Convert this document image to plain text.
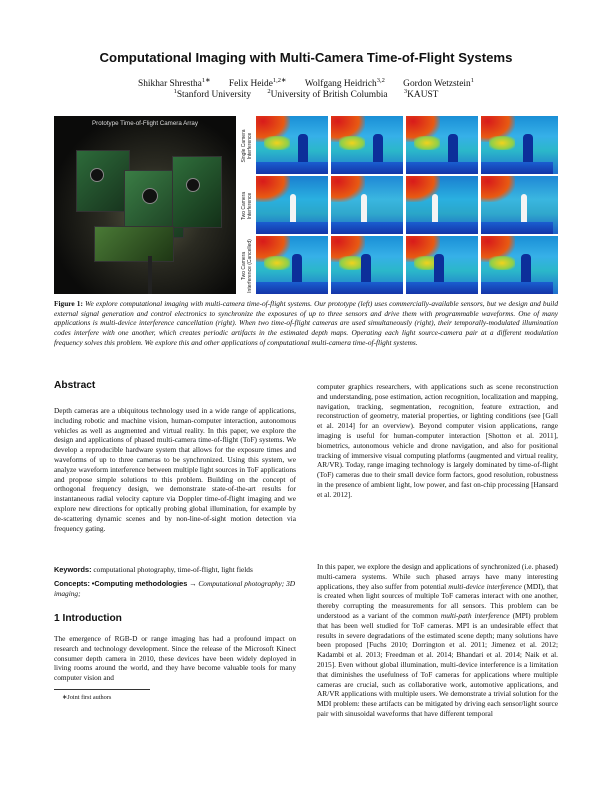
Computational Imaging with Multi-Camera Time-of-Flight Systems
Shikhar Shrestha$^{1∗}$ Felix Heide$^{1,2∗}$ Wolfgang Heidrich$^{3,2}$ Gordon Wetzstein$^1$
$^1$Stanford University	$^2$University of British Columbia	$^3$KAUST
Prototype Time-of-Flight Camera Array
Single Camera Interference
Two Camera Interference
Two Camera Interference (Cancelled)
Figure 1: We explore computational imaging with multi-camera time-of-flight systems. Our prototype (left) uses commercially-available sensors, but we design and build external signal generation and control electronics to synchronize the exposures of up to three sensors and drive them with programmable waveforms. One of many applications is multi-device interference cancellation (right). When two time-of-flight cameras are used simultaneously (right), their temporally-modulated illumination codes interfere with one another, which creates periodic artifacts in the estimated depth maps. Operating each light source-camera pair at a different modulation frequency solves this problem. We explore this and other applications of computational multi-camera time-of-flight systems.
Abstract

Depth cameras are a ubiquitous technology used in a wide range of applications, including robotic and machine vision, human-computer interaction, autonomous vehicles as well as augmented and virtual reality. In this paper, we explore the design and applications of phased multi-camera time-of-flight (ToF) systems. We develop a reproducible hardware system that allows for the exposure times and waveforms of up to three cameras to be synchronized. Using this system, we analyze waveform interference between multiple light sources in ToF applications and propose simple solutions to this problem. Building on the concept of orthogonal frequency design, we demonstrate state-of-the-art results for instantaneous radial velocity capture via Doppler time-of-flight imaging and we explore new directions for optically probing global illumination, for example by de-scattering dynamic scenes and by non-line-of-sight motion detection via frequency gating.

Keywords: computational photography, time-of-flight, light fields
Concepts: •Computing methodologies → Computational photography; 3D imaging;
1 Introduction

The emergence of RGB-D or range imaging has had a profound impact on research and technology development. Since the release of the Microsoft Kinect consumer depth camera in 2010, these devices have been widely deployed in living rooms around the world, and they have become valuable tools for many computer vision and

∗Joint first authors

computer graphics researchers, with applications such as scene reconstruction and understanding, pose estimation, action recognition, localization and mapping, navigation, tracking, segmentation, recognition, feature extraction, and reconstruction of geometry, material properties, or lighting conditions (see [Gall et al. 2014] for an overview). Beyond computer vision applications, range imaging is useful for human-computer interaction [Shotton et al. 2011], biometrics, autonomous vehicle and drone navigation, and also for positional tracking of immersive visual computing platforms (augmented and virtual reality, AR/VR). Today, range imaging technology is largely dominated by time-of-flight (ToF) cameras due to their small device form factors, good resolution, robustness in the presence of ambient light, low power, and fast on-chip processing [Hansard et al. 2012].

In this paper, we explore the design and applications of synchronized (i.e. phased) multi-camera systems. While such phased arrays have many interesting applications, they also suffer from potential multi-device interference (MDI), that is created when light sources of multiple ToF cameras interact with one another, thereby corrupting the measurements for all sensors. This problem can be understood as a variant of the common multi-path interference (MPI) problem that has been well studied for ToF cameras. MPI is an undesirable effect that results in severe degradations of the estimated scene depth; many solutions have been proposed [Fuchs 2010; Dorrington et al. 2011; Jimenez et al. 2012; Kadambi et al. 2013; Freedman et al. 2014; Bhandari et al. 2014; Naik et al. 2015]. Even without global illumination, multi-device interference is a limitation that diminishes the usefulness of ToF cameras for applications where multiple cameras are crucial, such as collaborative work, automotive applications, and AR/VR applications with multiple users. We demonstrate a trivial solution for the MDI problem: these artifacts can be mitigated by driving each sensor/light source pair with sinusoidal waveforms that have different temporal
